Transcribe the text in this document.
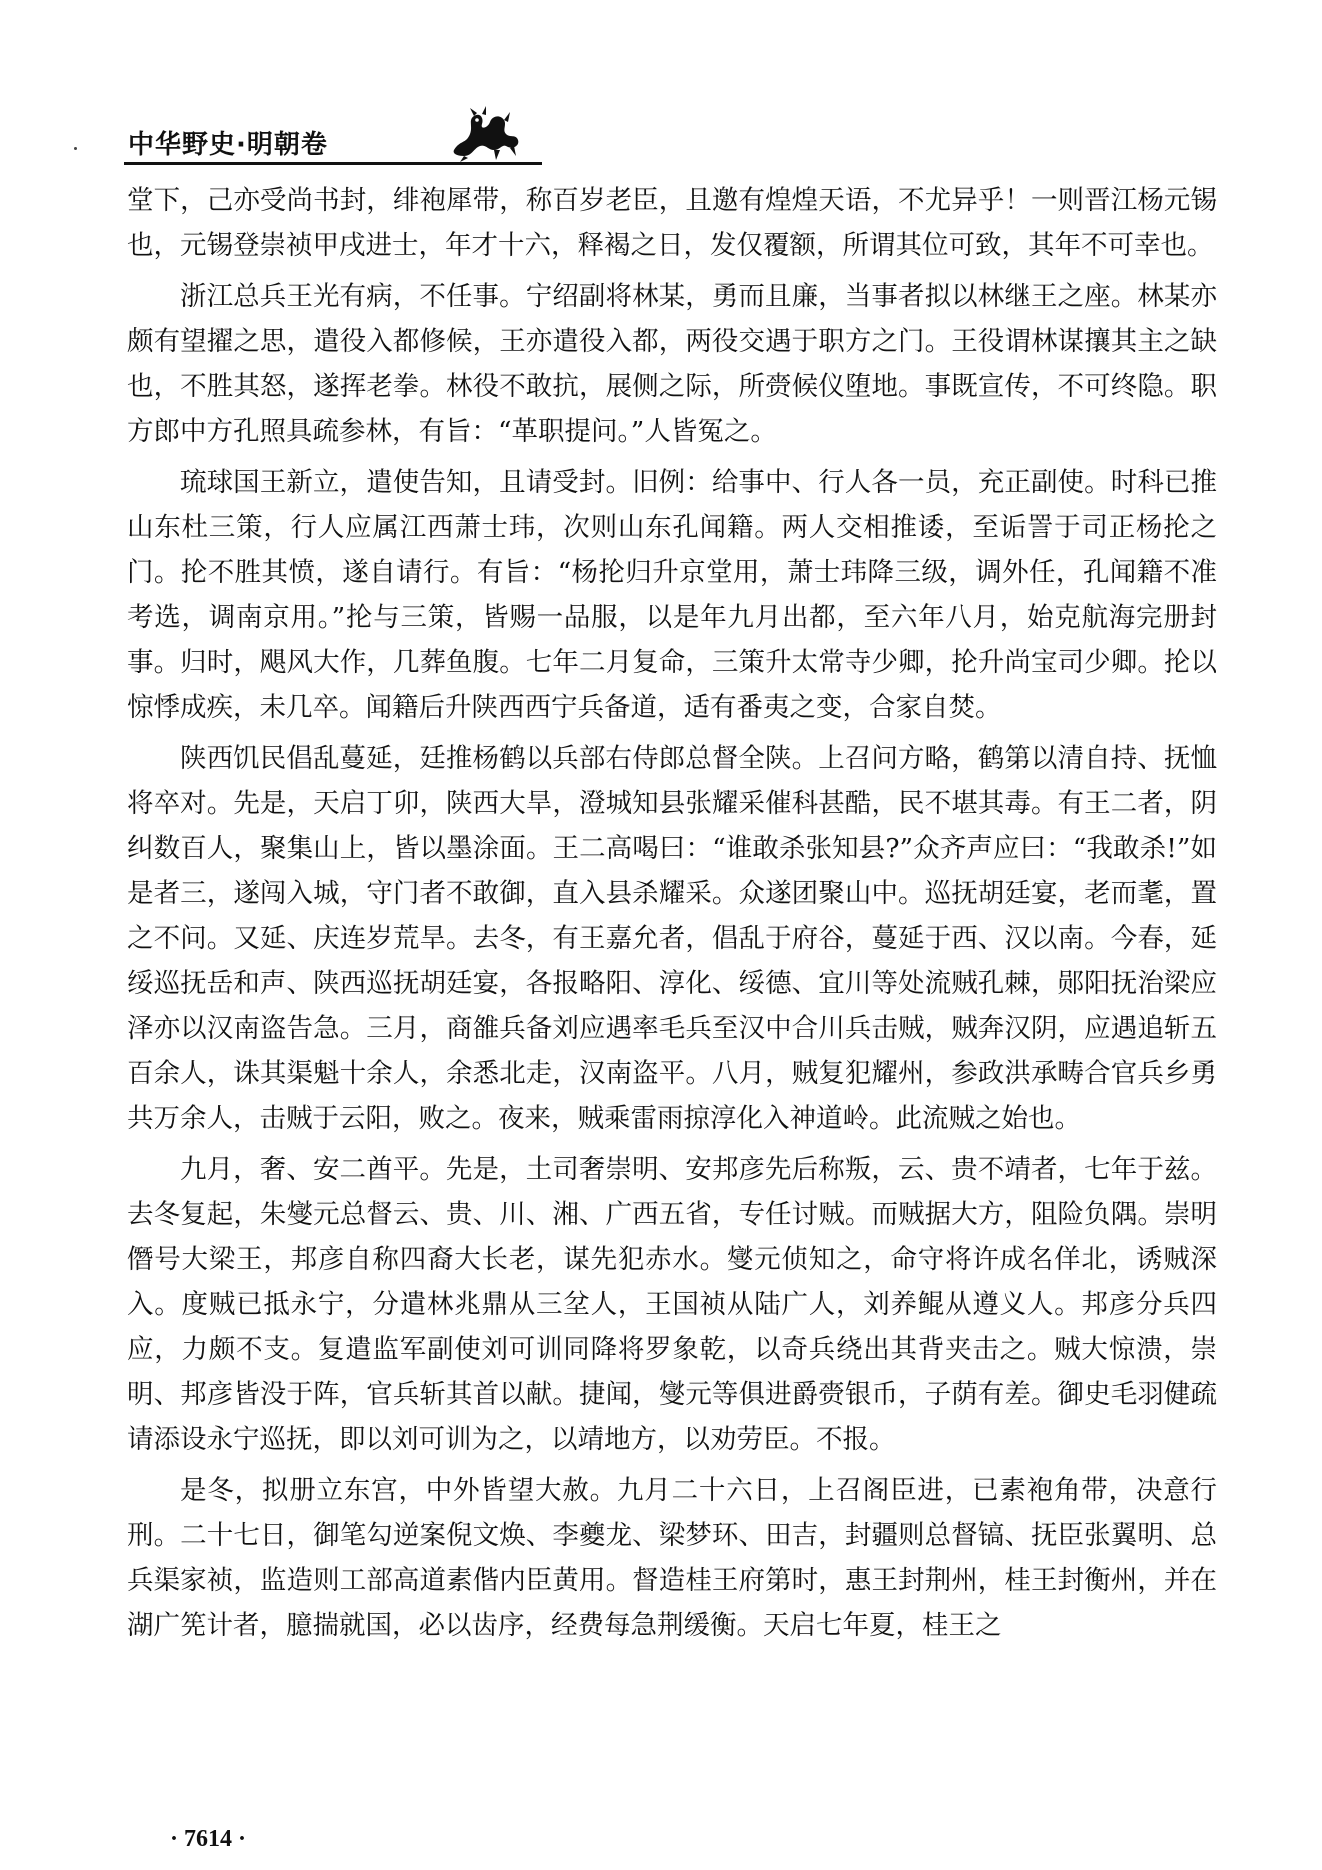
中华野史·明朝卷

堂下，己亦受尚书封，绯袍犀带，称百岁老臣，且邀有煌煌天语，不尤异乎！一则晋江杨元锡也，元锡登崇祯甲戌进士，年才十六，释褐之日，发仅覆额，所谓其位可致，其年不可幸也。

浙江总兵王光有病，不任事。宁绍副将林某，勇而且廉，当事者拟以林继王之座。林某亦颇有望擢之思，遣役入都修候，王亦遣役入都，两役交遇于职方之门。王役谓林谋攘其主之缺也，不胜其怒，遂挥老拳。林役不敢抗，展侧之际，所赍候仪堕地。事既宣传，不可终隐。职方郎中方孔照具疏参林，有旨：“革职提问。”人皆冤之。

琉球国王新立，遣使告知，且请受封。旧例：给事中、行人各一员，充正副使。时科已推山东杜三策，行人应属江西萧士玮，次则山东孔闻籍。两人交相推诿，至诟詈于司正杨抡之门。抡不胜其愤，遂自请行。有旨：“杨抡归升京堂用，萧士玮降三级，调外任，孔闻籍不准考选，调南京用。”抡与三策，皆赐一品服，以是年九月出都，至六年八月，始克航海完册封事。归时，飓风大作，几葬鱼腹。七年二月复命，三策升太常寺少卿，抡升尚宝司少卿。抡以惊悸成疾，未几卒。闻籍后升陕西西宁兵备道，适有番夷之变，合家自焚。

陕西饥民倡乱蔓延，廷推杨鹤以兵部右侍郎总督全陕。上召问方略，鹤第以清自持、抚恤将卒对。先是，天启丁卯，陕西大旱，澄城知县张耀采催科甚酷，民不堪其毒。有王二者，阴纠数百人，聚集山上，皆以墨涂面。王二高喝曰：“谁敢杀张知县?”众齐声应曰：“我敢杀!”如是者三，遂闯入城，守门者不敢御，直入县杀耀采。众遂团聚山中。巡抚胡廷宴，老而耄，置之不问。又延、庆连岁荒旱。去冬，有王嘉允者，倡乱于府谷，蔓延于西、汉以南。今春，延绥巡抚岳和声、陕西巡抚胡廷宴，各报略阳、淳化、绥德、宜川等处流贼孔棘，郧阳抚治梁应泽亦以汉南盗告急。三月，商雒兵备刘应遇率毛兵至汉中合川兵击贼，贼奔汉阴，应遇追斩五百余人，诛其渠魁十余人，余悉北走，汉南盗平。八月，贼复犯耀州，参政洪承畴合官兵乡勇共万余人，击贼于云阳，败之。夜来，贼乘雷雨掠淳化入神道岭。此流贼之始也。

九月，奢、安二酋平。先是，土司奢崇明、安邦彦先后称叛，云、贵不靖者，七年于兹。去冬复起，朱燮元总督云、贵、川、湘、广西五省，专任讨贼。而贼据大方，阻险负隅。崇明僭号大梁王，邦彦自称四裔大长老，谋先犯赤水。燮元侦知之，命守将许成名佯北，诱贼深入。度贼已抵永宁，分遣林兆鼎从三坌人，王国祯从陆广人，刘养鲲从遵义人。邦彦分兵四应，力颇不支。复遣监军副使刘可训同降将罗象乾，以奇兵绕出其背夹击之。贼大惊溃，崇明、邦彦皆没于阵，官兵斩其首以献。捷闻，燮元等俱进爵赍银币，子荫有差。御史毛羽健疏请添设永宁巡抚，即以刘可训为之，以靖地方，以劝劳臣。不报。

是冬，拟册立东宫，中外皆望大赦。九月二十六日，上召阁臣进，已素袍角带，决意行刑。二十七日，御笔勾逆案倪文焕、李夔龙、梁梦环、田吉，封疆则总督镐、抚臣张翼明、总兵渠家祯，监造则工部高道素偕内臣黄用。督造桂王府第时，惠王封荆州，桂王封衡州，并在湖广筅计者，臆揣就国，必以齿序，经费每急荆缓衡。天启七年夏，桂王之

· 7614 ·
